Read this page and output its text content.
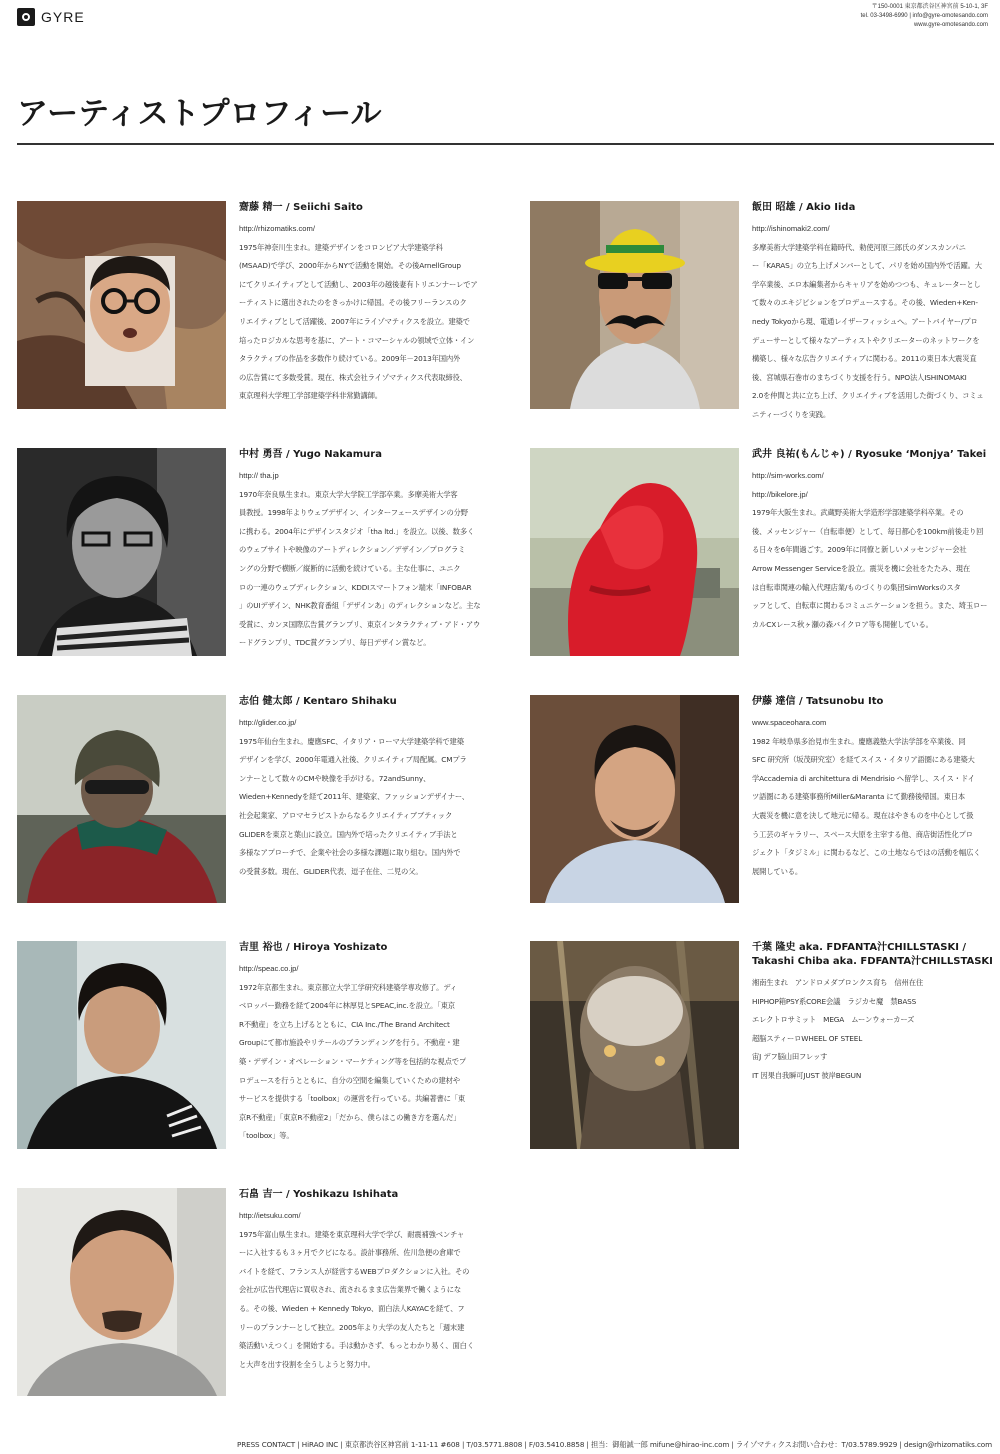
GYRE
〒150-0001 東京都渋谷区神宮前 5-10-1, 3F
tel. 03-3498-6990 | info@gyre-omotesando.com
www.gyre-omotesando.com
アーティストプロフィール
齋藤 精一 / Seiichi Saito
http://rhizomatiks.com/
1975年神奈川生まれ。建築デザインをコロンビア大学建築学科
(MSAAD)で学び、2000年からNYで活動を開始。その後ArnellGroup
にてクリエイティブとして活動し、2003年の越後妻有トリエンナーレでア
ーティストに選出されたのをきっかけに帰国。その後フリーランスのク
リエイティブとして活躍後、2007年にライゾマティクスを設立。建築で
培ったロジカルな思考を基に、アート・コマーシャルの領域で立体・イン
タラクティブの作品を多数作り続けている。2009年－2013年国内外
の広告賞にて多数受賞。現在、株式会社ライゾマティクス代表取締役、
東京理科大学理工学部建築学科非常勤講師。
飯田 昭雄 / Akio Iida
http://ishinomaki2.com/
多摩美術大学建築学科在籍時代、勅使河原三郎氏のダンスカンパニ
ー「KARAS」の立ち上げメンバーとして、パリを始め国内外で活躍。大
学卒業後、エロ本編集者からキャリアを始めつつも、キュレーターとし
て数々のエキジビションをプロデュースする。その後、Wieden+Ken-
nedy Tokyoから現、電通レイザーフィッシュへ。アートバイヤー/プロ
デューサーとして様々なアーティストやクリエーターのネットワークを
構築し、様々な広告クリエイティブに関わる。2011の東日本大震災直
後、宮城県石巻市のまちづくり支援を行う。NPO法人ISHINOMAKI
2.0を仲間と共に立ち上げ、クリエイティブを活用した街づくり、コミュ
ニティーづくりを実践。
中村 勇吾 / Yugo Nakamura
http:// tha.jp
1970年奈良県生まれ。東京大学大学院工学部卒業。多摩美術大学客
員教授。1998年よりウェブデザイン、インターフェースデザインの分野
に携わる。2004年にデザインスタジオ「tha ltd.」を設立。以後、数多く
のウェブサイトや映像のアートディレクション／デザイン／プログラミ
ングの分野で横断／縦断的に活動を続けている。主な仕事に、ユニク
ロの一連のウェブディレクション、KDDIスマートフォン端末「INFOBAR
」のUIデザイン、NHK教育番組「デザインあ」のディレクションなど。主な
受賞に、カンヌ国際広告賞グランプリ、東京インタラクティブ・アド・アウ
ードグランプリ、TDC賞グランプリ、毎日デザイン賞など。
武井 良祐(もんじゃ) / Ryosuke ‘Monjya’ Takei
http://sim-works.com/
http://bikelore.jp/
1979年大阪生まれ。武蔵野美術大学造形学部建築学科卒業。その
後、メッセンジャー（自転車便）として、毎日都心を100km前後走り回
る日々を6年間過ごす。2009年に同僚と新しいメッセンジャー会社
Arrow Messenger Serviceを設立。震災を機に会社をたたみ、現在
は自転車関連の輸入代理店業/ものづくりの集団SimWorksのスタ
ッフとして、自転車に関わるコミュニケーションを担う。また、埼玉ロー
カルCXレース秋ヶ瀬の森バイクロア等も開催している。
志伯 健太郎 / Kentaro Shihaku
http://glider.co.jp/
1975年仙台生まれ。慶應SFC、イタリア・ローマ大学建築学科で建築
デザインを学び、2000年電通入社後、クリエイティブ局配属。CMプラ
ンナーとして数々のCMや映像を手がける。72andSunny、
Wieden+Kennedyを経て2011年、建築家、ファッションデザイナー、
社会起業家、アロマセラピストからなるクリエイティブブティック
GLIDERを東京と葉山に設立。国内外で培ったクリエイティブ手法と
多様なアプローチで、企業や社会の多様な課題に取り組む。国内外で
の受賞多数。現在、GLIDER代表、逗子在住、二児の父。
伊藤 達信 / Tatsunobu Ito
www.spaceohara.com
1982 年岐阜県多治見市生まれ。慶應義塾大学法学部を卒業後、同
SFC 研究所（坂茂研究室）を経てスイス・イタリア語圏にある建築大
学Accademia di architettura di Mendrisio へ留学し、スイス・ドイ
ツ語圏にある建築事務所Miller&Maranta にて勤務後帰国。東日本
大震災を機に意を決して地元に帰る。現在はやきものを中心として扱
う工芸のギャラリー、スペース大原を主宰する他、商店街活性化プロ
ジェクト「タジミル」に関わるなど、この土地ならではの活動を幅広く
展開している。
吉里 裕也 / Hiroya Yoshizato
http://speac.co.jp/
1972年京都生まれ。東京都立大学工学研究科建築学専攻修了。ディ
ベロッパー勤務を経て2004年に林厚見とSPEAC,inc.を設立。「東京
R不動産」を立ち上げるとともに、CIA Inc./The Brand Architect
Groupにて都市施設やリテールのブランディングを行う。不動産・建
築・デザイン・オペレーション・マーケティング等を包括的な視点でプ
ロデュースを行うとともに、自分の空間を編集していくための建材や
サービスを提供する「toolbox」の運営を行っている。共編著書に「東
京R不動産」「東京R不動産2」「だから、僕らはこの働き方を選んだ」
「toolbox」等。
千葉 隆史 aka. FDFANTA汁CHILLSTASKI /
Takashi Chiba aka. FDFANTA汁CHILLSTASKI
湘南生まれ　アンドロメダブロンクス育ち　信州在住
HIPHOP箱PSY系CORE会議　ラジカセ魔　禁BASS
エレクトロサミット　MEGA　ムーンウォーカーズ
超脳スティーロWHEEL OF STEEL
宙J デフ脳山田フレッす
IT 因果自我瞬可JUST 彼岸BEGUN
石畠 吉一 / Yoshikazu Ishihata
http://ietsuku.com/
1975年富山県生まれ。建築を東京理科大学で学び、耐震補強ベンチャ
ーに入社するも３ヶ月でクビになる。設計事務所、佐川急便の倉庫で
バイトを経て、フランス人が経営するWEBプロダクションに入社。その
会社が広告代理店に買収され、流されるまま広告業界で働くようにな
る。その後、Wieden + Kennedy Tokyo、面白法人KAYACを経て、フ
リーのプランナーとして独立。2005年より大学の友人たちと「週末建
築活動いえつく」を開始する。手は動かさず、もっとわかり易く、面白く
と大声を出す役割を全うしようと努力中。
PRESS CONTACT | HiRAO INC | 東京都渋谷区神宮前 1-11-11 #608 | T/03.5771.8808 | F/03.5410.8858 | 担当：御船誠一郎 mifune@hirao-inc.com | ライゾマティクスお問い合わせ：T/03.5789.9929 | design@rhizomatiks.com
